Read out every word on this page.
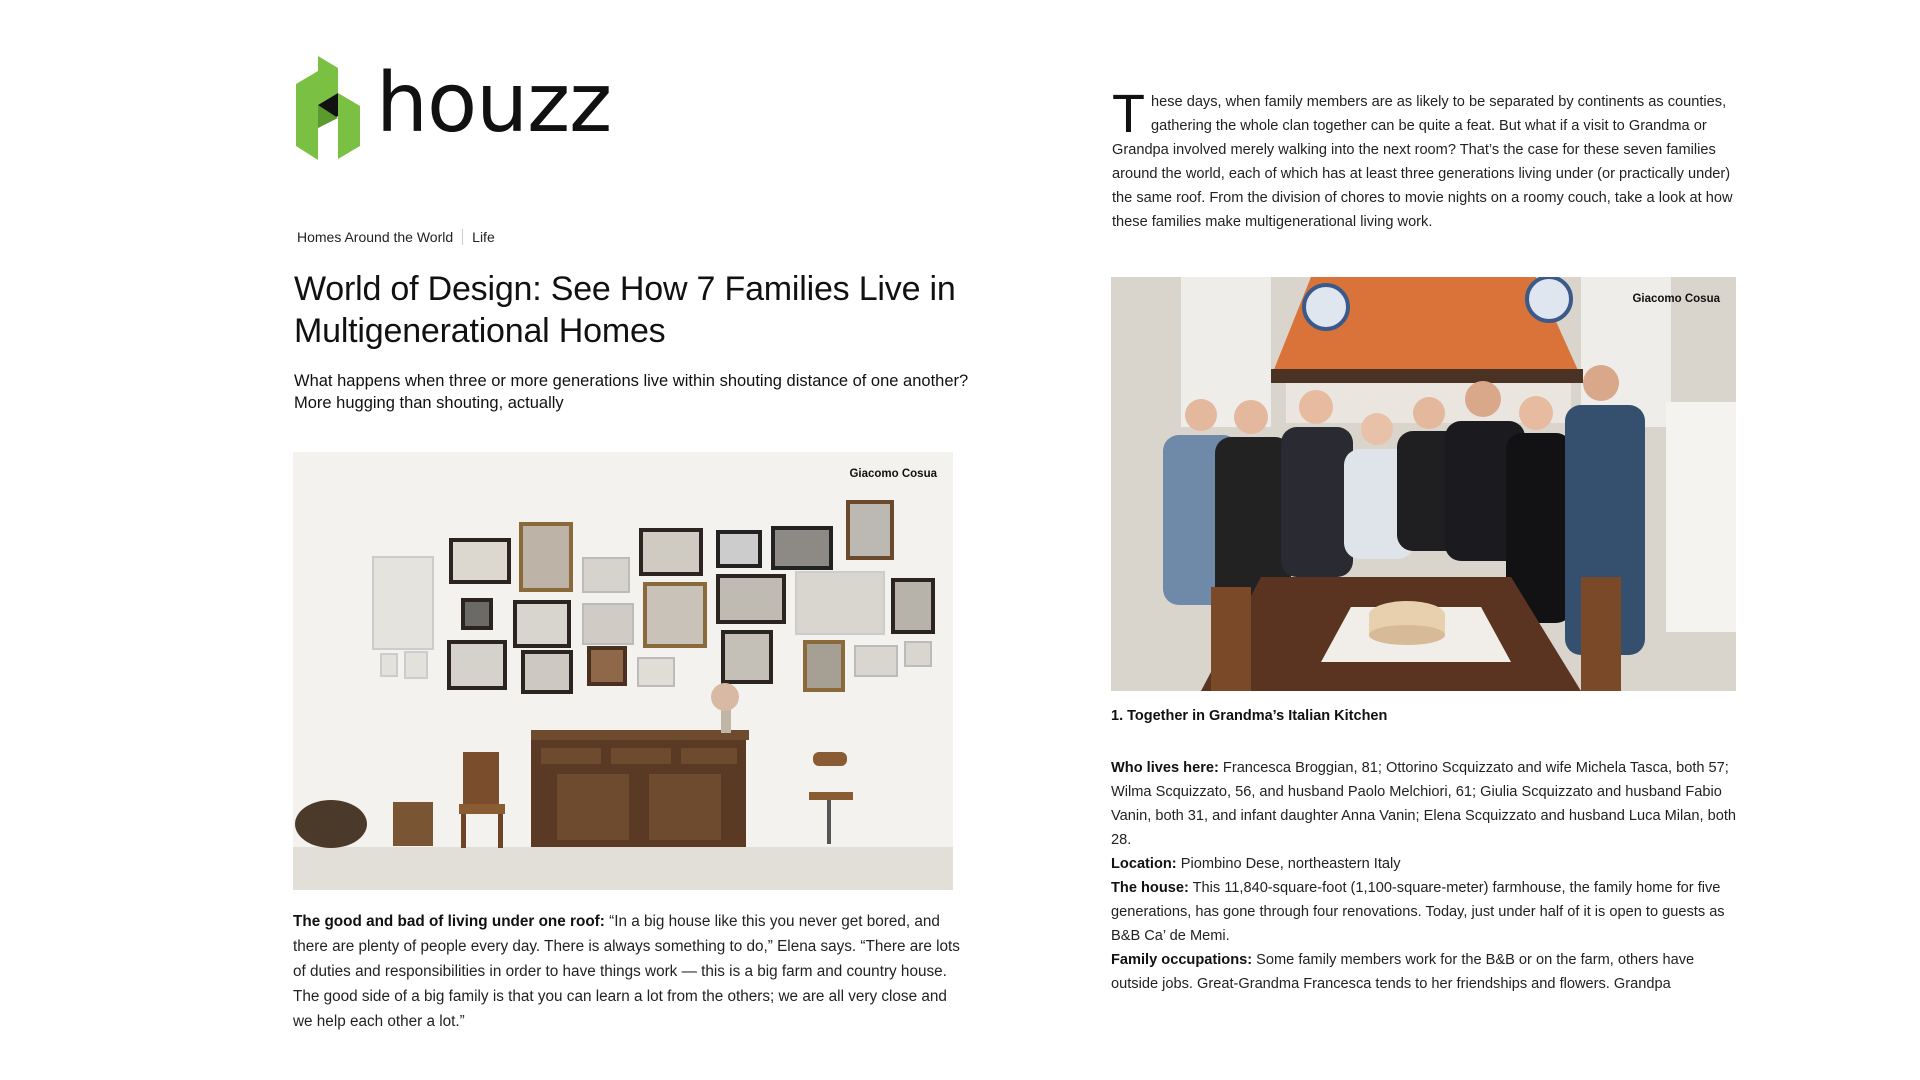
houzz
Homes Around the World Life
World of Design: See How 7 Families Live in Multigenerational Homes

What happens when three or more generations live within shouting distance of one another? More hugging than shouting, actually

Giacomo Cosua

The good and bad of living under one roof: “In a big house like this you never get bored, and there are plenty of people every day. There is always something to do,” Elena says. “There are lots of duties and responsibilities in order to have things work — this is a big farm and country house. The good side of a big family is that you can learn a lot from the others; we are all very close and we help each other a lot.”

T hese days, when family members are as likely to be separated by continents as counties, gathering the whole clan together can be quite a feat. But what if a visit to Grandma or Grandpa involved merely walking into the next room? That’s the case for these seven families around the world, each of which has at least three generations living under (or practically under) the same roof. From the division of chores to movie nights on a roomy couch, take a look at how these families make multigenerational living work.

Giacomo Cosua
1. Together in Grandma’s Italian Kitchen

Who lives here: Francesca Broggian, 81; Ottorino Scquizzato and wife Michela Tasca, both 57; Wilma Scquizzato, 56, and husband Paolo Melchiori, 61; Giulia Scquizzato and husband Fabio Vanin, both 31, and infant daughter Anna Vanin; Elena Scquizzato and husband Luca Milan, both 28.

Location: Piombino Dese, northeastern Italy

The house: This 11,840-square-foot (1,100-square-meter) farmhouse, the family home for five generations, has gone through four renovations. Today, just under half of it is open to guests as B&B Ca’ de Memi.

Family occupations: Some family members work for the B&B or on the farm, others have outside jobs. Great-Grandma Francesca tends to her friendships and flowers. Grandpa
